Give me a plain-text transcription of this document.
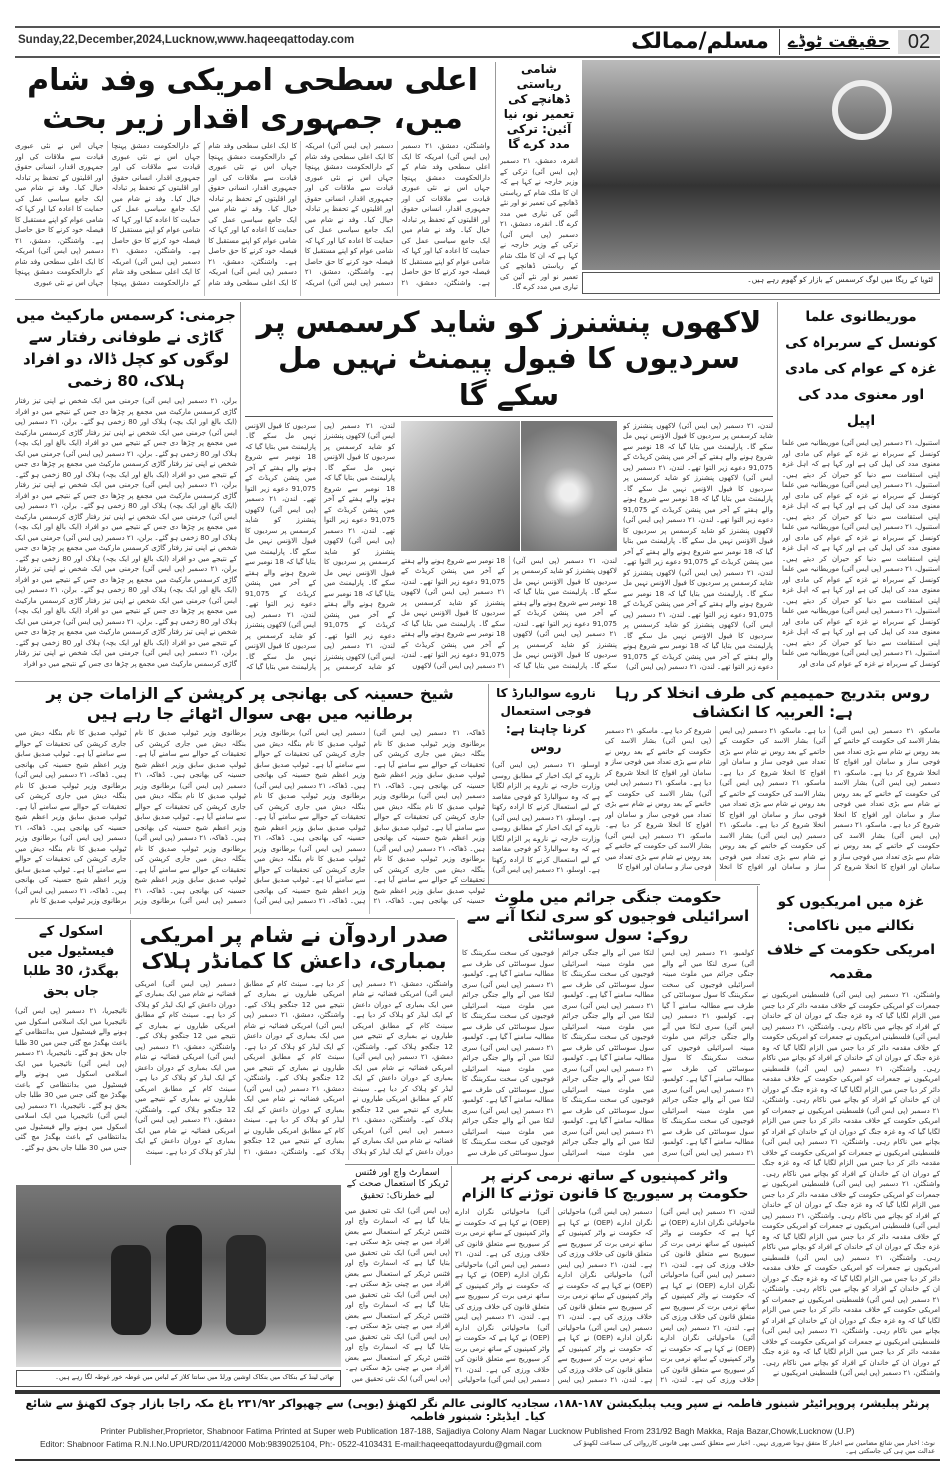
Sunday,22,December,2024,Lucknow,www.haqeeqattoday.com	02
حقیقت ٹوڈے
مسلم/ممالک
لٹویا کے ریگا میں لوگ کرسمس کے بازار کو گھوم رہے ہیں۔
شامی ریاستی ڈھانچے کی تعمیر نو، نیا آئین: ترکی مدد کرے گا
انقرہ، دمشق، ۲۱ دسمبر (پی ایس آئی) ترکی کے وزیر خارجہ نے کہا ہے کہ ان کا ملک شام کے ریاستی ڈھانچے کی تعمیر نو اور نئے آئین کی تیاری میں مدد کرے گا۔ انقرہ، دمشق، ۲۱ دسمبر (پی ایس آئی) ترکی کے وزیر خارجہ نے کہا ہے کہ ان کا ملک شام کے ریاستی ڈھانچے کی تعمیر نو اور نئے آئین کی تیاری میں مدد کرے گا۔
اعلی سطحی امریکی وفد شام میں، جمہوری اقدار زیر بحث
واشنگٹن، دمشق، ۲۱ دسمبر (پی ایس آئی) امریکہ کا ایک اعلی سطحی وفد شام کے دارالحکومت دمشق پہنچا جہاں اس نے نئی عبوری قیادت سے ملاقات کی اور جمہوری اقدار، انسانی حقوق اور اقلیتوں کے تحفظ پر تبادلہ خیال کیا۔ وفد نے شام میں ایک جامع سیاسی عمل کی حمایت کا اعادہ کیا اور کہا کہ شامی عوام کو اپنے مستقبل کا فیصلہ خود کرنے کا حق حاصل ہے۔ واشنگٹن، دمشق، ۲۱ دسمبر (پی ایس آئی) امریکہ کا ایک اعلی سطحی وفد شام کے دارالحکومت دمشق پہنچا جہاں اس نے نئی عبوری قیادت سے ملاقات کی اور جمہوری اقدار، انسانی حقوق اور اقلیتوں کے تحفظ پر تبادلہ خیال کیا۔ وفد نے شام میں ایک جامع سیاسی عمل کی حمایت کا اعادہ کیا اور کہا کہ شامی عوام کو اپنے مستقبل کا فیصلہ خود کرنے کا حق حاصل ہے۔ واشنگٹن، دمشق، ۲۱ دسمبر (پی ایس آئی) امریکہ کا ایک اعلی سطحی وفد شام کے دارالحکومت دمشق پہنچا جہاں اس نے نئی عبوری قیادت سے ملاقات کی اور جمہوری اقدار، انسانی حقوق اور اقلیتوں کے تحفظ پر تبادلہ خیال کیا۔ وفد نے شام میں ایک جامع سیاسی عمل کی حمایت کا اعادہ کیا اور کہا کہ شامی عوام کو اپنے مستقبل کا فیصلہ خود کرنے کا حق حاصل ہے۔ واشنگٹن، دمشق، ۲۱ دسمبر (پی ایس آئی) امریکہ کا ایک اعلی سطحی وفد شام کے دارالحکومت دمشق پہنچا جہاں اس نے نئی عبوری قیادت سے ملاقات کی اور جمہوری اقدار، انسانی حقوق اور اقلیتوں کے تحفظ پر تبادلہ خیال کیا۔ وفد نے شام میں ایک جامع سیاسی عمل کی حمایت کا اعادہ کیا اور کہا کہ شامی عوام کو اپنے مستقبل کا فیصلہ خود کرنے کا حق حاصل ہے۔ واشنگٹن، دمشق، ۲۱ دسمبر (پی ایس آئی) امریکہ کا ایک اعلی سطحی وفد شام کے دارالحکومت دمشق پہنچا جہاں اس نے نئی عبوری قیادت سے ملاقات کی اور جمہوری اقدار، انسانی حقوق اور اقلیتوں کے تحفظ پر تبادلہ خیال کیا۔ وفد نے شام میں ایک جامع سیاسی عمل کی حمایت کا اعادہ کیا اور کہا کہ شامی عوام کو اپنے مستقبل کا فیصلہ خود کرنے کا حق حاصل ہے۔ واشنگٹن، دمشق، ۲۱ دسمبر (پی ایس آئی) امریکہ کا ایک اعلی سطحی وفد شام کے دارالحکومت دمشق پہنچا جہاں اس نے نئی عبوری
موریطانوی علما کونسل کے سربراہ کی غزہ کے عوام کی مادی اور معنوی مدد کی اپیل
استنبول، ۲۱ دسمبر (پی ایس آئی) موریطانیہ میں علما کونسل کے سربراہ نے غزہ کے عوام کی مادی اور معنوی مدد کی اپیل کی ہے اور کہا ہے کہ اہل غزہ اپنی استقامت سے دنیا کو حیران کر دیتے ہیں۔ استنبول، ۲۱ دسمبر (پی ایس آئی) موریطانیہ میں علما کونسل کے سربراہ نے غزہ کے عوام کی مادی اور معنوی مدد کی اپیل کی ہے اور کہا ہے کہ اہل غزہ اپنی استقامت سے دنیا کو حیران کر دیتے ہیں۔ استنبول، ۲۱ دسمبر (پی ایس آئی) موریطانیہ میں علما کونسل کے سربراہ نے غزہ کے عوام کی مادی اور معنوی مدد کی اپیل کی ہے اور کہا ہے کہ اہل غزہ اپنی استقامت سے دنیا کو حیران کر دیتے ہیں۔ استنبول، ۲۱ دسمبر (پی ایس آئی) موریطانیہ میں علما کونسل کے سربراہ نے غزہ کے عوام کی مادی اور معنوی مدد کی اپیل کی ہے اور کہا ہے کہ اہل غزہ اپنی استقامت سے دنیا کو حیران کر دیتے ہیں۔ استنبول، ۲۱ دسمبر (پی ایس آئی) موریطانیہ میں علما کونسل کے سربراہ نے غزہ کے عوام کی مادی اور معنوی مدد کی اپیل کی ہے اور کہا ہے کہ اہل غزہ اپنی استقامت سے دنیا کو حیران کر دیتے ہیں۔ استنبول، ۲۱ دسمبر (پی ایس آئی) موریطانیہ میں علما کونسل کے سربراہ نے غزہ کے عوام کی مادی اور
لاکھوں پنشنرز کو شاید کرسمس پر سردیوں کا فیول پیمنٹ نہیں مل سکے گا
لندن، ۲۱ دسمبر (پی ایس آئی) لاکھوں پنشنرز کو شاید کرسمس پر سردیوں کا فیول الاؤنس نہیں مل سکے گا۔ پارلیمنٹ میں بتایا گیا کہ 18 نومبر سے شروع ہونے والے ہفتے کے آخر میں پنشن کریڈٹ کے 91,075 دعوے زیر التوا تھے۔ لندن، ۲۱ دسمبر (پی ایس آئی) لاکھوں پنشنرز کو شاید کرسمس پر سردیوں کا فیول الاؤنس نہیں مل سکے گا۔ پارلیمنٹ میں بتایا گیا کہ 18 نومبر سے شروع ہونے والے ہفتے کے آخر میں پنشن کریڈٹ کے 91,075 دعوے زیر التوا تھے۔ لندن، ۲۱ دسمبر (پی ایس آئی) لاکھوں پنشنرز کو شاید کرسمس پر سردیوں کا فیول الاؤنس نہیں مل سکے گا۔ پارلیمنٹ میں بتایا گیا کہ 18 نومبر سے شروع ہونے والے ہفتے کے آخر میں پنشن کریڈٹ کے 91,075 دعوے زیر التوا تھے۔ لندن، ۲۱ دسمبر (پی ایس آئی) لاکھوں پنشنرز کو شاید کرسمس پر سردیوں کا فیول الاؤنس نہیں مل سکے گا۔ پارلیمنٹ میں بتایا گیا کہ 18 نومبر سے شروع ہونے والے ہفتے کے آخر میں پنشن کریڈٹ کے 91,075 دعوے زیر التوا تھے۔ لندن، ۲۱ دسمبر (پی ایس آئی) لاکھوں پنشنرز کو شاید کرسمس پر سردیوں کا فیول الاؤنس نہیں مل سکے گا۔ پارلیمنٹ میں بتایا گیا کہ
لندن، ۲۱ دسمبر (پی ایس آئی) لاکھوں پنشنرز کو شاید کرسمس پر سردیوں کا فیول الاؤنس نہیں مل سکے گا۔ پارلیمنٹ میں بتایا گیا کہ 18 نومبر سے شروع ہونے والے ہفتے کے آخر میں پنشن کریڈٹ کے 91,075 دعوے زیر التوا تھے۔ لندن، ۲۱ دسمبر (پی ایس آئی) لاکھوں پنشنرز کو شاید کرسمس پر سردیوں کا فیول الاؤنس نہیں مل سکے گا۔ پارلیمنٹ میں بتایا گیا کہ 18 نومبر سے شروع ہونے والے ہفتے کے آخر میں پنشن کریڈٹ کے 91,075 دعوے زیر التوا تھے۔ لندن، ۲۱ دسمبر (پی ایس آئی) لاکھوں پنشنرز کو شاید کرسمس پر سردیوں کا فیول الاؤنس نہیں مل سکے گا۔ پارلیمنٹ میں بتایا گیا کہ 18 نومبر سے شروع ہونے والے ہفتے کے آخر میں پنشن کریڈٹ کے 91,075 دعوے زیر التوا تھے۔ لندن، ۲۱ دسمبر (پی ایس آئی) لاکھوں
لندن، ۲۱ دسمبر (پی ایس آئی) لاکھوں پنشنرز کو شاید کرسمس پر سردیوں کا فیول الاؤنس نہیں مل سکے گا۔ پارلیمنٹ میں بتایا گیا کہ 18 نومبر سے شروع ہونے والے ہفتے کے آخر میں پنشن کریڈٹ کے 91,075 دعوے زیر التوا تھے۔ لندن، ۲۱ دسمبر (پی ایس آئی) لاکھوں پنشنرز کو شاید کرسمس پر سردیوں کا فیول الاؤنس نہیں مل سکے گا۔ پارلیمنٹ میں بتایا گیا کہ 18 نومبر سے شروع ہونے والے ہفتے کے آخر میں پنشن کریڈٹ کے 91,075 دعوے زیر التوا تھے۔ لندن، ۲۱ دسمبر (پی ایس آئی) لاکھوں پنشنرز کو شاید کرسمس پر سردیوں کا فیول الاؤنس نہیں مل سکے گا۔ پارلیمنٹ میں بتایا گیا کہ 18 نومبر سے شروع ہونے والے ہفتے کے آخر میں پنشن کریڈٹ کے 91,075 دعوے زیر التوا تھے۔ لندن، ۲۱ دسمبر (پی ایس آئی) لاکھوں پنشنرز کو شاید کرسمس پر سردیوں کا فیول الاؤنس نہیں مل سکے گا۔ پارلیمنٹ میں بتایا گیا کہ 18 نومبر سے شروع ہونے والے ہفتے کے آخر میں پنشن کریڈٹ کے 91,075 دعوے زیر التوا تھے۔ لندن، ۲۱ دسمبر (پی ایس آئی) لاکھوں پنشنرز کو شاید کرسمس پر سردیوں کا فیول الاؤنس نہیں مل سکے گا۔ پارلیمنٹ میں بتایا گیا کہ 18 نومبر سے شروع ہونے والے ہفتے کے آخر میں پنشن کریڈٹ کے 91,075 دعوے زیر التوا تھے۔ لندن، ۲۱ دسمبر (پی ایس آئی)
جرمنی: کرسمس مارکیٹ میں گاڑی نے طوفانی رفتار سے لوگوں کو کچل ڈالا، دو افراد ہلاک، 80 زخمی
برلن، ۲۱ دسمبر (پی ایس آئی) جرمنی میں ایک شخص نے اپنی تیز رفتار گاڑی کرسمس مارکیٹ میں مجمع پر چڑھا دی جس کے نتیجے میں دو افراد (ایک بالغ اور ایک بچہ) ہلاک اور 80 زخمی ہو گئے۔ برلن، ۲۱ دسمبر (پی ایس آئی) جرمنی میں ایک شخص نے اپنی تیز رفتار گاڑی کرسمس مارکیٹ میں مجمع پر چڑھا دی جس کے نتیجے میں دو افراد (ایک بالغ اور ایک بچہ) ہلاک اور 80 زخمی ہو گئے۔ برلن، ۲۱ دسمبر (پی ایس آئی) جرمنی میں ایک شخص نے اپنی تیز رفتار گاڑی کرسمس مارکیٹ میں مجمع پر چڑھا دی جس کے نتیجے میں دو افراد (ایک بالغ اور ایک بچہ) ہلاک اور 80 زخمی ہو گئے۔ برلن، ۲۱ دسمبر (پی ایس آئی) جرمنی میں ایک شخص نے اپنی تیز رفتار گاڑی کرسمس مارکیٹ میں مجمع پر چڑھا دی جس کے نتیجے میں دو افراد (ایک بالغ اور ایک بچہ) ہلاک اور 80 زخمی ہو گئے۔ برلن، ۲۱ دسمبر (پی ایس آئی) جرمنی میں ایک شخص نے اپنی تیز رفتار گاڑی کرسمس مارکیٹ میں مجمع پر چڑھا دی جس کے نتیجے میں دو افراد (ایک بالغ اور ایک بچہ) ہلاک اور 80 زخمی ہو گئے۔ برلن، ۲۱ دسمبر (پی ایس آئی) جرمنی میں ایک شخص نے اپنی تیز رفتار گاڑی کرسمس مارکیٹ میں مجمع پر چڑھا دی جس کے نتیجے میں دو افراد (ایک بالغ اور ایک بچہ) ہلاک اور 80 زخمی ہو گئے۔ برلن، ۲۱ دسمبر (پی ایس آئی) جرمنی میں ایک شخص نے اپنی تیز رفتار گاڑی کرسمس مارکیٹ میں مجمع پر چڑھا دی جس کے نتیجے میں دو افراد (ایک بالغ اور ایک بچہ) ہلاک اور 80 زخمی ہو گئے۔ برلن، ۲۱ دسمبر (پی ایس آئی) جرمنی میں ایک شخص نے اپنی تیز رفتار گاڑی کرسمس مارکیٹ میں مجمع پر چڑھا دی جس کے نتیجے میں دو افراد (ایک بالغ اور ایک بچہ) ہلاک اور 80 زخمی ہو گئے۔ برلن، ۲۱ دسمبر (پی ایس آئی) جرمنی میں ایک شخص نے اپنی تیز رفتار گاڑی کرسمس مارکیٹ میں مجمع پر چڑھا دی جس کے نتیجے میں دو افراد (ایک بالغ اور ایک بچہ) ہلاک اور 80 زخمی ہو گئے۔ برلن، ۲۱ دسمبر (پی ایس آئی) جرمنی میں ایک شخص نے اپنی تیز رفتار گاڑی کرسمس مارکیٹ میں مجمع پر چڑھا دی جس کے نتیجے میں دو افراد
روس بتدریج حمیمیم کی طرف انخلا کر رہا ہے: العربیہ کا انکشاف
ماسکو، ۲۱ دسمبر (پی ایس آئی) بشار الاسد کی حکومت کے خاتمے کے بعد روس نے شام سے بڑی تعداد میں فوجی ساز و سامان اور افواج کا انخلا شروع کر دیا ہے۔ ماسکو، ۲۱ دسمبر (پی ایس آئی) بشار الاسد کی حکومت کے خاتمے کے بعد روس نے شام سے بڑی تعداد میں فوجی ساز و سامان اور افواج کا انخلا شروع کر دیا ہے۔ ماسکو، ۲۱ دسمبر (پی ایس آئی) بشار الاسد کی حکومت کے خاتمے کے بعد روس نے شام سے بڑی تعداد میں فوجی ساز و سامان اور افواج کا انخلا شروع کر دیا ہے۔ ماسکو، ۲۱ دسمبر (پی ایس آئی) بشار الاسد کی حکومت کے خاتمے کے بعد روس نے شام سے بڑی تعداد میں فوجی ساز و سامان اور افواج کا انخلا شروع کر دیا ہے۔ ماسکو، ۲۱ دسمبر (پی ایس آئی) بشار الاسد کی حکومت کے خاتمے کے بعد روس نے شام سے بڑی تعداد میں فوجی ساز و سامان اور افواج کا انخلا شروع کر دیا ہے۔ ماسکو، ۲۱ دسمبر (پی ایس آئی) بشار الاسد کی حکومت کے خاتمے کے بعد روس نے شام سے بڑی تعداد میں فوجی ساز و سامان اور افواج کا انخلا شروع کر دیا ہے۔ ماسکو، ۲۱ دسمبر (پی ایس آئی) بشار الاسد کی حکومت کے خاتمے کے بعد روس نے شام سے بڑی تعداد میں فوجی ساز و سامان اور افواج کا انخلا شروع کر دیا ہے۔ ماسکو، ۲۱ دسمبر (پی ایس آئی) بشار الاسد کی حکومت کے خاتمے کے بعد روس نے شام سے بڑی تعداد میں فوجی ساز و سامان اور افواج کا انخلا شروع کر دیا ہے۔ ماسکو، ۲۱ دسمبر (پی ایس آئی) بشار الاسد کی حکومت کے خاتمے کے بعد روس نے شام سے بڑی تعداد میں فوجی ساز و سامان اور افواج کا
ناروے سوالبارڈ کا فوجی استعمال کرنا چاہتا ہے: روس
اوسلو، ۲۱ دسمبر (پی ایس آئی) ناروے کے ایک اخبار کے مطابق روسی وزارت خارجہ نے ناروے پر الزام لگایا ہے کہ وہ سوالبارڈ کو فوجی مقاصد کے لیے استعمال کرنے کا ارادہ رکھتا ہے۔ اوسلو، ۲۱ دسمبر (پی ایس آئی) ناروے کے ایک اخبار کے مطابق روسی وزارت خارجہ نے ناروے پر الزام لگایا ہے کہ وہ سوالبارڈ کو فوجی مقاصد کے لیے استعمال کرنے کا ارادہ رکھتا ہے۔ اوسلو، ۲۱ دسمبر (پی ایس آئی)
شیخ حسینہ کی بھانجی پر کرپشن کے الزامات جن پر برطانیہ میں بھی سوال اٹھائے جا رہے ہیں
ڈھاکہ، ۲۱ دسمبر (پی ایس آئی) برطانوی وزیر ٹیولپ صدیق کا نام بنگلہ دیش میں جاری کرپشن کی تحقیقات کے حوالے سے سامنے آیا ہے۔ ٹیولپ صدیق سابق وزیر اعظم شیخ حسینہ کی بھانجی ہیں۔ ڈھاکہ، ۲۱ دسمبر (پی ایس آئی) برطانوی وزیر ٹیولپ صدیق کا نام بنگلہ دیش میں جاری کرپشن کی تحقیقات کے حوالے سے سامنے آیا ہے۔ ٹیولپ صدیق سابق وزیر اعظم شیخ حسینہ کی بھانجی ہیں۔ ڈھاکہ، ۲۱ دسمبر (پی ایس آئی) برطانوی وزیر ٹیولپ صدیق کا نام بنگلہ دیش میں جاری کرپشن کی تحقیقات کے حوالے سے سامنے آیا ہے۔ ٹیولپ صدیق سابق وزیر اعظم شیخ حسینہ کی بھانجی ہیں۔ ڈھاکہ، ۲۱ دسمبر (پی ایس آئی) برطانوی وزیر ٹیولپ صدیق کا نام بنگلہ دیش میں جاری کرپشن کی تحقیقات کے حوالے سے سامنے آیا ہے۔ ٹیولپ صدیق سابق وزیر اعظم شیخ حسینہ کی بھانجی ہیں۔ ڈھاکہ، ۲۱ دسمبر (پی ایس آئی) برطانوی وزیر ٹیولپ صدیق کا نام بنگلہ دیش میں جاری کرپشن کی تحقیقات کے حوالے سے سامنے آیا ہے۔ ٹیولپ صدیق سابق وزیر اعظم شیخ حسینہ کی بھانجی ہیں۔ ڈھاکہ، ۲۱ دسمبر (پی ایس آئی) برطانوی وزیر ٹیولپ صدیق کا نام بنگلہ دیش میں جاری کرپشن کی تحقیقات کے حوالے سے سامنے آیا ہے۔ ٹیولپ صدیق سابق وزیر اعظم شیخ حسینہ کی بھانجی ہیں۔ ڈھاکہ، ۲۱ دسمبر (پی ایس آئی) برطانوی وزیر ٹیولپ صدیق کا نام بنگلہ دیش میں جاری کرپشن کی تحقیقات کے حوالے سے سامنے آیا ہے۔ ٹیولپ صدیق سابق وزیر اعظم شیخ حسینہ کی بھانجی ہیں۔ ڈھاکہ، ۲۱ دسمبر (پی ایس آئی) برطانوی وزیر ٹیولپ صدیق کا نام بنگلہ دیش میں جاری کرپشن کی تحقیقات کے حوالے سے سامنے آیا ہے۔ ٹیولپ صدیق سابق وزیر اعظم شیخ حسینہ کی بھانجی ہیں۔ ڈھاکہ، ۲۱ دسمبر (پی ایس آئی) برطانوی وزیر ٹیولپ صدیق کا نام بنگلہ دیش میں جاری کرپشن کی تحقیقات کے حوالے سے سامنے آیا ہے۔ ٹیولپ صدیق سابق وزیر اعظم شیخ حسینہ کی بھانجی ہیں۔ ڈھاکہ، ۲۱ دسمبر (پی ایس آئی) برطانوی وزیر ٹیولپ صدیق کا نام بنگلہ دیش میں جاری کرپشن کی تحقیقات کے حوالے سے سامنے آیا ہے۔ ٹیولپ صدیق سابق وزیر اعظم شیخ حسینہ کی بھانجی ہیں۔ ڈھاکہ، ۲۱ دسمبر (پی ایس آئی) برطانوی وزیر ٹیولپ صدیق کا نام بنگلہ دیش میں جاری کرپشن کی تحقیقات کے حوالے سے سامنے آیا ہے۔ ٹیولپ صدیق سابق وزیر اعظم شیخ حسینہ کی بھانجی ہیں۔ ڈھاکہ، ۲۱ دسمبر (پی ایس آئی) برطانوی وزیر ٹیولپ صدیق کا نام بنگلہ دیش میں جاری کرپشن کی تحقیقات کے حوالے سے سامنے آیا ہے۔ ٹیولپ صدیق سابق وزیر اعظم شیخ حسینہ کی بھانجی ہیں۔ ڈھاکہ، ۲۱ دسمبر (پی ایس آئی) برطانوی وزیر ٹیولپ صدیق کا نام	غزہ میں امریکیوں کو نکالنے میں ناکامی: امریکی حکومت کے خلاف مقدمہ
واشنگٹن، ۲۱ دسمبر (پی ایس آئی) فلسطینی امریکیوں نے جمعرات کو امریکی حکومت کے خلاف مقدمہ دائر کر دیا جس میں الزام لگایا گیا کہ وہ غزہ جنگ کے دوران ان کے خاندان کے افراد کو بچانے میں ناکام رہی۔ واشنگٹن، ۲۱ دسمبر (پی ایس آئی) فلسطینی امریکیوں نے جمعرات کو امریکی حکومت کے خلاف مقدمہ دائر کر دیا جس میں الزام لگایا گیا کہ وہ غزہ جنگ کے دوران ان کے خاندان کے افراد کو بچانے میں ناکام رہی۔ واشنگٹن، ۲۱ دسمبر (پی ایس آئی) فلسطینی امریکیوں نے جمعرات کو امریکی حکومت کے خلاف مقدمہ دائر کر دیا جس میں الزام لگایا گیا کہ وہ غزہ جنگ کے دوران ان کے خاندان کے افراد کو بچانے میں ناکام رہی۔ واشنگٹن، ۲۱ دسمبر (پی ایس آئی) فلسطینی امریکیوں نے جمعرات کو امریکی حکومت کے خلاف مقدمہ دائر کر دیا جس میں الزام لگایا گیا کہ وہ غزہ جنگ کے دوران ان کے خاندان کے افراد کو بچانے میں ناکام رہی۔ واشنگٹن، ۲۱ دسمبر (پی ایس آئی) فلسطینی امریکیوں نے جمعرات کو امریکی حکومت کے خلاف مقدمہ دائر کر دیا جس میں الزام لگایا گیا کہ وہ غزہ جنگ کے دوران ان کے خاندان کے افراد کو بچانے میں ناکام رہی۔ واشنگٹن، ۲۱ دسمبر (پی ایس آئی) فلسطینی امریکیوں نے جمعرات کو امریکی حکومت کے خلاف مقدمہ دائر کر دیا جس میں الزام لگایا گیا کہ وہ غزہ جنگ کے دوران ان کے خاندان کے افراد کو بچانے میں ناکام رہی۔ واشنگٹن، ۲۱ دسمبر (پی ایس آئی) فلسطینی امریکیوں نے جمعرات کو امریکی حکومت کے خلاف مقدمہ دائر کر دیا جس میں الزام لگایا گیا کہ وہ غزہ جنگ کے دوران ان کے خاندان کے افراد کو بچانے میں ناکام رہی۔ واشنگٹن، ۲۱ دسمبر (پی ایس آئی) فلسطینی امریکیوں نے جمعرات کو امریکی حکومت کے خلاف مقدمہ دائر کر دیا جس میں الزام لگایا گیا کہ وہ غزہ جنگ کے دوران ان کے خاندان کے افراد کو بچانے میں ناکام رہی۔ واشنگٹن، ۲۱ دسمبر (پی ایس آئی) فلسطینی امریکیوں نے جمعرات کو امریکی حکومت کے خلاف مقدمہ دائر کر دیا جس میں الزام لگایا گیا کہ وہ غزہ جنگ کے دوران ان کے خاندان کے افراد کو بچانے میں ناکام رہی۔ واشنگٹن، ۲۱ دسمبر (پی ایس آئی) فلسطینی امریکیوں نے جمعرات کو امریکی حکومت کے خلاف مقدمہ دائر کر دیا جس میں الزام لگایا گیا کہ وہ غزہ جنگ کے دوران ان کے خاندان کے افراد کو بچانے میں ناکام رہی۔ واشنگٹن، ۲۱ دسمبر (پی ایس آئی) فلسطینی امریکیوں نے
حکومت جنگی جرائم میں ملوث اسرائیلی فوجیوں کو سری لنکا آنے سے روکے: سول سوسائٹی
کولمبو، ۲۱ دسمبر (پی ایس آئی) سری لنکا میں آنے والے جنگی جرائم میں ملوث مبینہ اسرائیلی فوجیوں کی سخت سکریننگ کا سول سوسائٹی کی طرف سے مطالبہ سامنے آ گیا ہے۔ کولمبو، ۲۱ دسمبر (پی ایس آئی) سری لنکا میں آنے والے جنگی جرائم میں ملوث مبینہ اسرائیلی فوجیوں کی سخت سکریننگ کا سول سوسائٹی کی طرف سے مطالبہ سامنے آ گیا ہے۔ کولمبو، ۲۱ دسمبر (پی ایس آئی) سری لنکا میں آنے والے جنگی جرائم میں ملوث مبینہ اسرائیلی فوجیوں کی سخت سکریننگ کا سول سوسائٹی کی طرف سے مطالبہ سامنے آ گیا ہے۔ کولمبو، ۲۱ دسمبر (پی ایس آئی) سری لنکا میں آنے والے جنگی جرائم میں ملوث مبینہ اسرائیلی فوجیوں کی سخت سکریننگ کا سول سوسائٹی کی طرف سے مطالبہ سامنے آ گیا ہے۔ کولمبو، ۲۱ دسمبر (پی ایس آئی) سری لنکا میں آنے والے جنگی جرائم میں ملوث مبینہ اسرائیلی فوجیوں کی سخت سکریننگ کا سول سوسائٹی کی طرف سے مطالبہ سامنے آ گیا ہے۔ کولمبو، ۲۱ دسمبر (پی ایس آئی) سری لنکا میں آنے والے جنگی جرائم میں ملوث مبینہ اسرائیلی فوجیوں کی سخت سکریننگ کا سول سوسائٹی کی طرف سے مطالبہ سامنے آ گیا ہے۔ کولمبو، ۲۱ دسمبر (پی ایس آئی) سری لنکا میں آنے والے جنگی جرائم میں ملوث مبینہ اسرائیلی فوجیوں کی سخت سکریننگ کا سول سوسائٹی کی طرف سے مطالبہ سامنے آ گیا ہے۔ کولمبو، ۲۱ دسمبر (پی ایس آئی) سری لنکا میں آنے والے جنگی جرائم میں ملوث مبینہ اسرائیلی فوجیوں کی سخت سکریننگ کا سول سوسائٹی کی طرف سے مطالبہ سامنے آ گیا ہے۔ کولمبو، ۲۱ دسمبر (پی ایس آئی) سری لنکا میں آنے والے جنگی جرائم میں ملوث مبینہ اسرائیلی فوجیوں کی سخت سکریننگ کا سول سوسائٹی کی طرف سے مطالبہ سامنے آ گیا ہے۔ کولمبو، ۲۱ دسمبر (پی ایس آئی) سری لنکا میں آنے والے جنگی جرائم میں ملوث مبینہ اسرائیلی فوجیوں کی سخت سکریننگ کا سول سوسائٹی کی طرف سے
صدر اردوآن نے شام پر امریکی بمباری، داعش کا کمانڈر ہلاک
واشنگٹن، دمشق، ۲۱ دسمبر (پی ایس آئی) امریکی فضائیہ نے شام میں ایک بمباری کے دوران داعش کے ایک لیڈر کو ہلاک کر دیا ہے۔ سینٹ کام کے مطابق امریکی طیاروں نے بمباری کے نتیجے میں 12 جنگجو ہلاک کیے۔ واشنگٹن، دمشق، ۲۱ دسمبر (پی ایس آئی) امریکی فضائیہ نے شام میں ایک بمباری کے دوران داعش کے ایک لیڈر کو ہلاک کر دیا ہے۔ سینٹ کام کے مطابق امریکی طیاروں نے بمباری کے نتیجے میں 12 جنگجو ہلاک کیے۔ واشنگٹن، دمشق، ۲۱ دسمبر (پی ایس آئی) امریکی فضائیہ نے شام میں ایک بمباری کے دوران داعش کے ایک لیڈر کو ہلاک کر دیا ہے۔ سینٹ کام کے مطابق امریکی طیاروں نے بمباری کے نتیجے میں 12 جنگجو ہلاک کیے۔ واشنگٹن، دمشق، ۲۱ دسمبر (پی ایس آئی) امریکی فضائیہ نے شام میں ایک بمباری کے دوران داعش کے ایک لیڈر کو ہلاک کر دیا ہے۔ سینٹ کام کے مطابق امریکی طیاروں نے بمباری کے نتیجے میں 12 جنگجو ہلاک کیے۔ واشنگٹن، دمشق، ۲۱ دسمبر (پی ایس آئی) امریکی فضائیہ نے شام میں ایک بمباری کے دوران داعش کے ایک لیڈر کو ہلاک کر دیا ہے۔ سینٹ کام کے مطابق امریکی طیاروں نے بمباری کے نتیجے میں 12 جنگجو ہلاک کیے۔ واشنگٹن، دمشق، ۲۱ دسمبر (پی ایس آئی) امریکی فضائیہ نے شام میں ایک بمباری کے دوران داعش کے ایک لیڈر کو ہلاک کر دیا ہے۔ سینٹ کام کے مطابق امریکی طیاروں نے بمباری کے نتیجے میں 12 جنگجو ہلاک کیے۔ واشنگٹن، دمشق، ۲۱ دسمبر (پی ایس آئی) امریکی فضائیہ نے شام میں ایک بمباری کے دوران داعش کے ایک لیڈر کو ہلاک کر دیا ہے۔ سینٹ کام کے مطابق امریکی طیاروں نے بمباری کے نتیجے میں 12 جنگجو ہلاک کیے۔ واشنگٹن، دمشق، ۲۱ دسمبر (پی ایس آئی) امریکی فضائیہ نے شام میں ایک بمباری کے دوران داعش کے ایک لیڈر کو ہلاک کر دیا ہے۔ سینٹ
اسکول کے فیسٹیول میں بھگدڑ، 30 طلبا جاں بحق
نائیجیریا، ۲۱ دسمبر (پی ایس آئی) نائیجیریا میں ایک اسلامی اسکول میں ہونے والے فیسٹیول میں بدانتظامی کے باعث بھگدڑ مچ گئی جس میں 30 طلبا جاں بحق ہو گئے۔ نائیجیریا، ۲۱ دسمبر (پی ایس آئی) نائیجیریا میں ایک اسلامی اسکول میں ہونے والے فیسٹیول میں بدانتظامی کے باعث بھگدڑ مچ گئی جس میں 30 طلبا جاں بحق ہو گئے۔ نائیجیریا، ۲۱ دسمبر (پی ایس آئی) نائیجیریا میں ایک اسلامی اسکول میں ہونے والے فیسٹیول میں بدانتظامی کے باعث بھگدڑ مچ گئی جس میں 30 طلبا جاں بحق ہو گئے۔
واٹر کمپنیوں کے ساتھ نرمی کرنے پر حکومت پر سیوریج کا قانون توڑنے کا الزام
لندن، ۲۱ دسمبر (پی ایس آئی) ماحولیاتی نگران ادارے (OEP) نے کہا ہے کہ حکومت نے واٹر کمپنیوں کے ساتھ نرمی برت کر سیوریج سے متعلق قانون کی خلاف ورزی کی ہے۔ لندن، ۲۱ دسمبر (پی ایس آئی) ماحولیاتی نگران ادارے (OEP) نے کہا ہے کہ حکومت نے واٹر کمپنیوں کے ساتھ نرمی برت کر سیوریج سے متعلق قانون کی خلاف ورزی کی ہے۔ لندن، ۲۱ دسمبر (پی ایس آئی) ماحولیاتی نگران ادارے (OEP) نے کہا ہے کہ حکومت نے واٹر کمپنیوں کے ساتھ نرمی برت کر سیوریج سے متعلق قانون کی خلاف ورزی کی ہے۔ لندن، ۲۱ دسمبر (پی ایس آئی) ماحولیاتی نگران ادارے (OEP) نے کہا ہے کہ حکومت نے واٹر کمپنیوں کے ساتھ نرمی برت کر سیوریج سے متعلق قانون کی خلاف ورزی کی ہے۔ لندن، ۲۱ دسمبر (پی ایس آئی) ماحولیاتی نگران ادارے (OEP) نے کہا ہے کہ حکومت نے واٹر کمپنیوں کے ساتھ نرمی برت کر سیوریج سے متعلق قانون کی خلاف ورزی کی ہے۔ لندن، ۲۱ دسمبر (پی ایس آئی) ماحولیاتی نگران ادارے (OEP) نے کہا ہے کہ حکومت نے واٹر کمپنیوں کے ساتھ نرمی برت کر سیوریج سے متعلق قانون کی خلاف ورزی کی ہے۔ لندن، ۲۱ دسمبر (پی ایس آئی) ماحولیاتی نگران ادارے (OEP) نے کہا ہے کہ حکومت نے واٹر کمپنیوں کے ساتھ نرمی برت کر سیوریج سے متعلق قانون کی خلاف ورزی کی ہے۔ لندن، ۲۱ دسمبر (پی ایس آئی) ماحولیاتی نگران ادارے (OEP) نے کہا ہے کہ حکومت نے واٹر کمپنیوں کے ساتھ نرمی برت کر سیوریج سے متعلق قانون کی خلاف ورزی کی ہے۔ لندن، ۲۱ دسمبر (پی ایس آئی) ماحولیاتی نگران ادارے (OEP) نے کہا ہے کہ حکومت نے واٹر کمپنیوں کے ساتھ نرمی برت کر سیوریج سے متعلق قانون کی خلاف ورزی کی ہے۔ لندن، ۲۱ دسمبر (پی ایس آئی) ماحولیاتی
اسمارٹ واچ اور فٹنس ٹریکر کا استعمال صحت کے لیے خطرناک: تحقیق
(پی ایس آئی) ایک نئی تحقیق میں بتایا گیا ہے کہ اسمارٹ واچ اور فٹنس ٹریکر کے استعمال سے بعض افراد میں بے چینی بڑھ سکتی ہے۔ (پی ایس آئی) ایک نئی تحقیق میں بتایا گیا ہے کہ اسمارٹ واچ اور فٹنس ٹریکر کے استعمال سے بعض افراد میں بے چینی بڑھ سکتی ہے۔ (پی ایس آئی) ایک نئی تحقیق میں بتایا گیا ہے کہ اسمارٹ واچ اور فٹنس ٹریکر کے استعمال سے بعض افراد میں بے چینی بڑھ سکتی ہے۔ (پی ایس آئی) ایک نئی تحقیق میں بتایا گیا ہے کہ اسمارٹ واچ اور فٹنس ٹریکر کے استعمال سے بعض افراد میں بے چینی بڑھ سکتی ہے۔ (پی ایس آئی) ایک نئی تحقیق میں
تھائی لینڈ کے بنکاک میں بنکاک اوشین ورلڈ میں سانتا کلاز کے لباس میں غوطہ خور غوطہ لگا رہے ہیں۔
پرنٹر پبلیشر، پروپرائیٹر شبنور فاطمہ نے سپر ویب پبلیکیشن ۱۸۷-۱۸۸، سجادیہ کالونی عالم نگر لکھنؤ (یوپی) سے چھپواکر ۲۳۱/۹۲ باغ مکہ راجا بازار چوک لکھنؤ سے شائع کیا۔ ایڈیٹر: شبنور فاطمہ
Printer Publisher,Proprietor, Shabnoor Fatima Printed at Super web Publication 187-188, Sajjadiya Colony Alam Nagar Lucknow Published From 231/92 Bagh Makka, Raja Bazar,Chowk,Lucknow (U.P)
Editor: Shabnoor Fatima R.N.I.No.UPURD/2011/42000 Mob:9839025104, Ph:- 0522-4103431 E-mail:haqeeqattodayurdu@gmail.com	نوٹ: اخبار میں شائع مضامین سے اخبار کا متفق ہونا ضروری نہیں۔ اخبار سے متعلق کسی بھی قانونی کارروائی کی سماعت لکھنؤ کی عدالت میں ہی کی جاسکتی ہے۔
